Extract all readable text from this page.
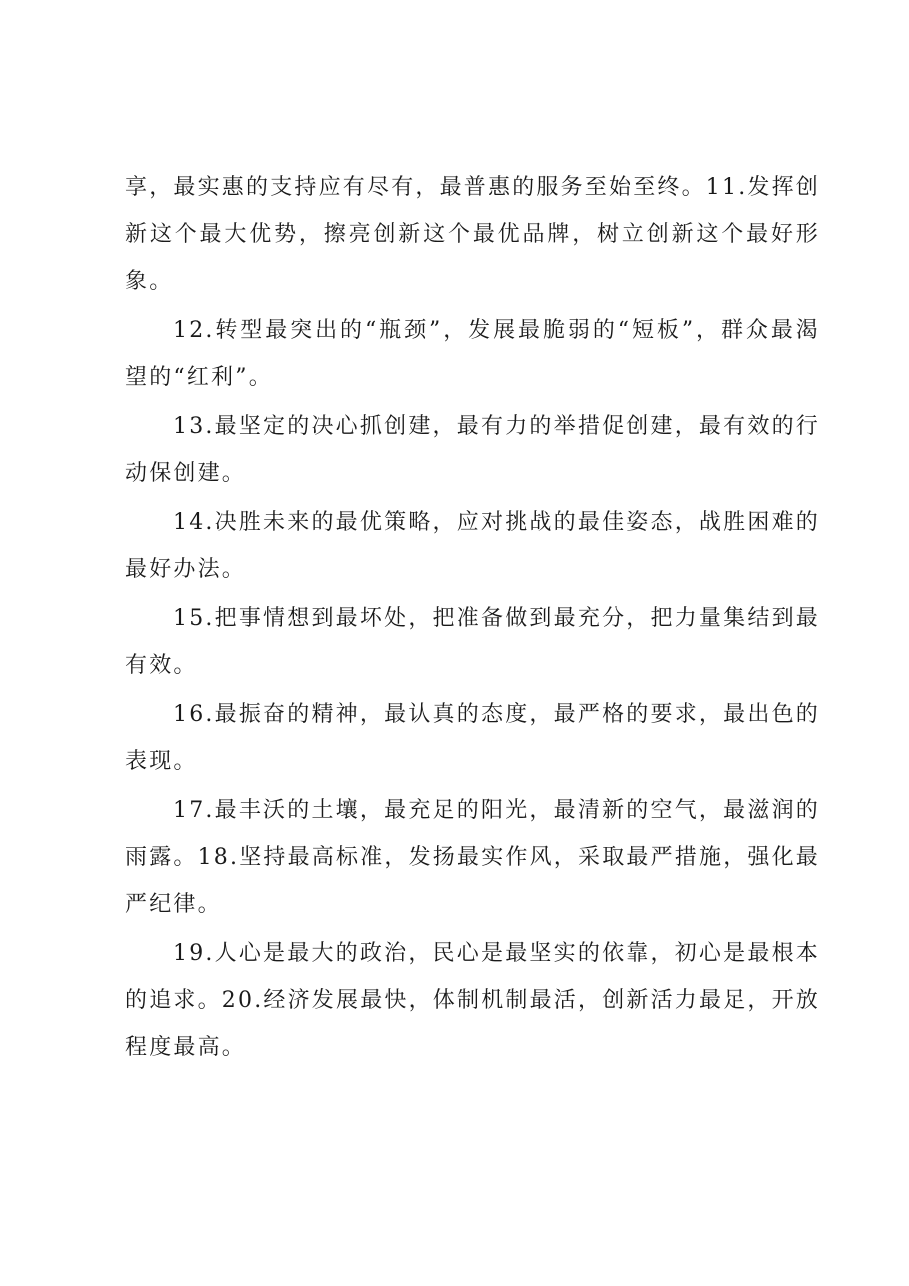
享，最实惠的支持应有尽有，最普惠的服务至始至终。11.发挥创新这个最大优势，擦亮创新这个最优品牌，树立创新这个最好形象。

12.转型最突出的“瓶颈”，发展最脆弱的“短板”，群众最渴望的“红利”。

13.最坚定的决心抓创建，最有力的举措促创建，最有效的行动保创建。

14.决胜未来的最优策略，应对挑战的最佳姿态，战胜困难的最好办法。

15.把事情想到最坏处，把准备做到最充分，把力量集结到最有效。

16.最振奋的精神，最认真的态度，最严格的要求，最出色的表现。

17.最丰沃的土壤，最充足的阳光，最清新的空气，最滋润的雨露。18.坚持最高标准，发扬最实作风，采取最严措施，强化最严纪律。

19.人心是最大的政治，民心是最坚实的依靠，初心是最根本的追求。20.经济发展最快，体制机制最活，创新活力最足，开放程度最高。
